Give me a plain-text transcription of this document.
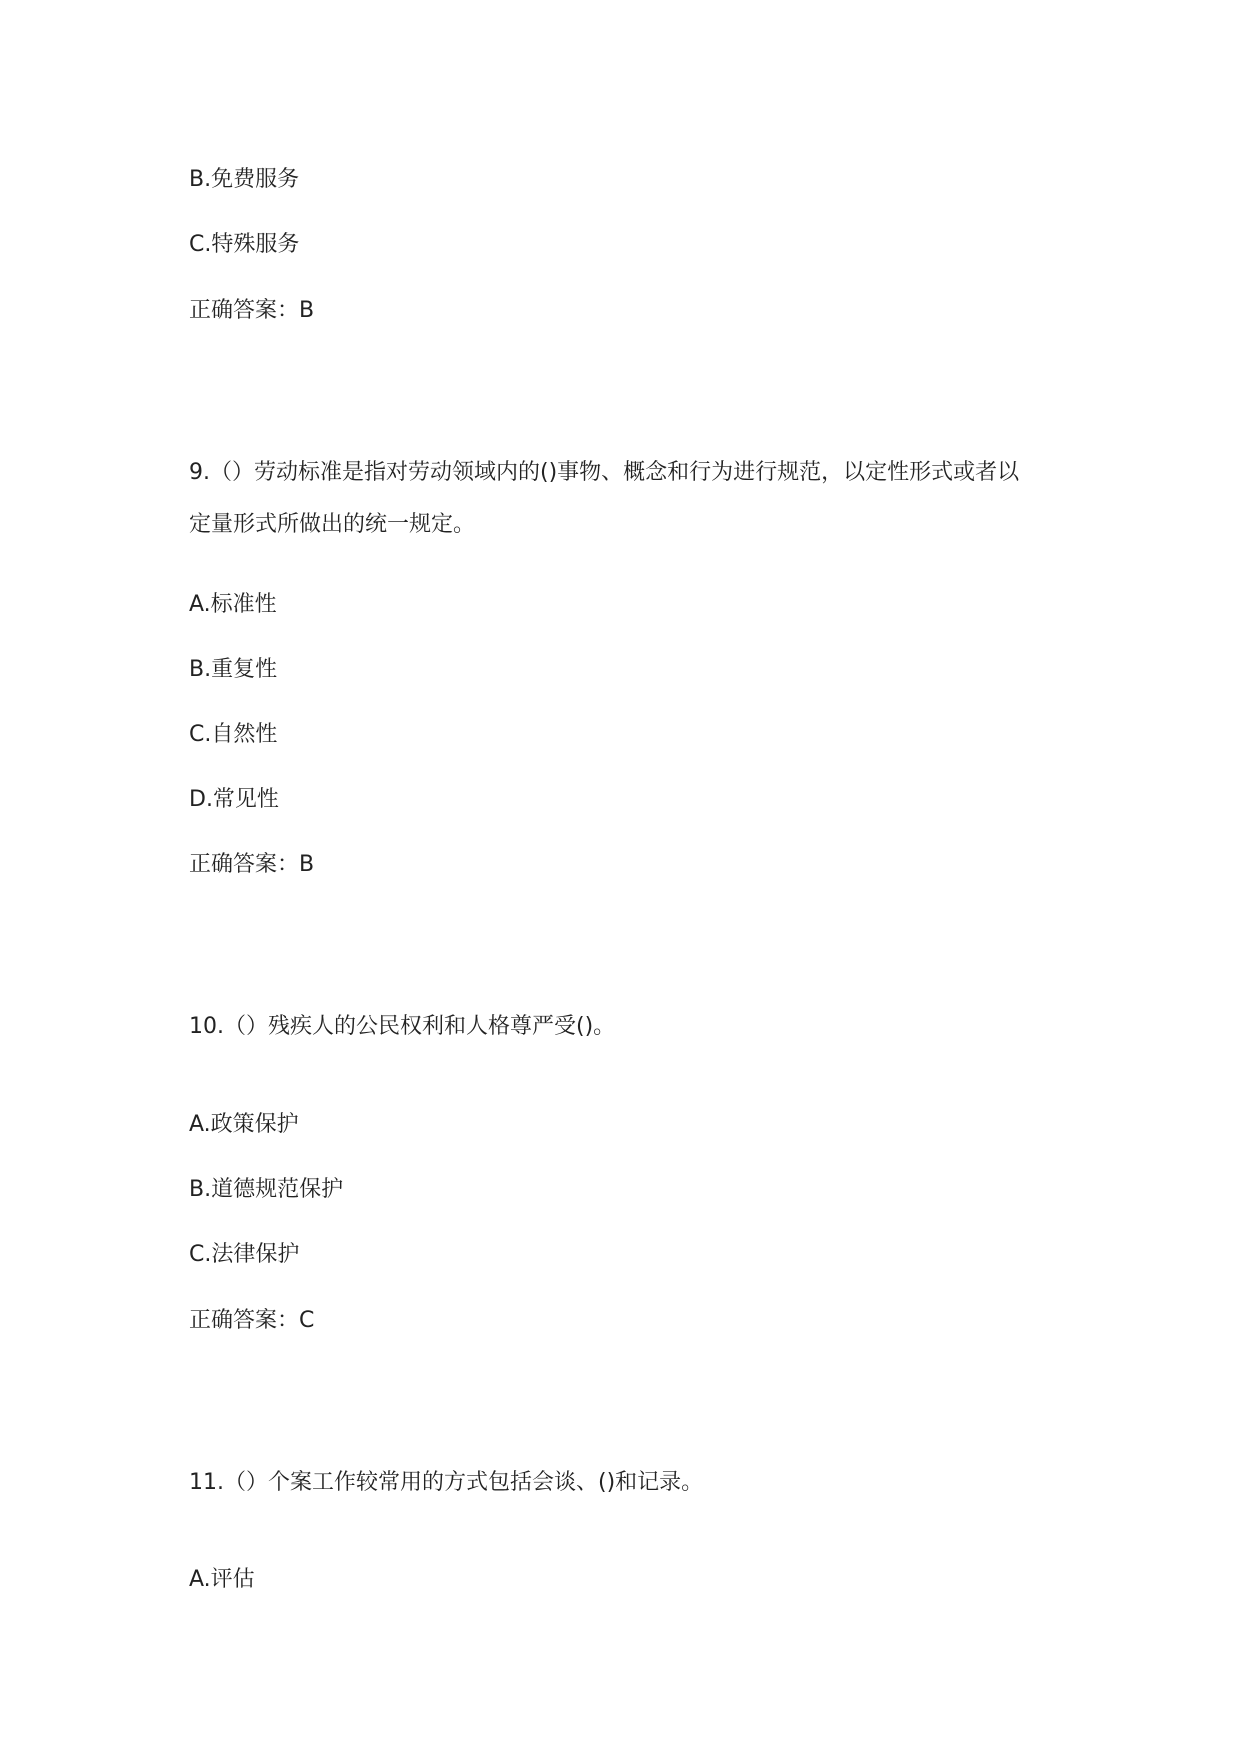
B.免费服务

C.特殊服务

正确答案：B

9.（）劳动标准是指对劳动领域内的()事物、概念和行为进行规范，以定性形式或者以

定量形式所做出的统一规定。

A.标准性

B.重复性

C.自然性

D.常见性

正确答案：B

10.（）残疾人的公民权利和人格尊严受()。

A.政策保护

B.道德规范保护

C.法律保护

正确答案：C

11.（）个案工作较常用的方式包括会谈、()和记录。

A.评估
